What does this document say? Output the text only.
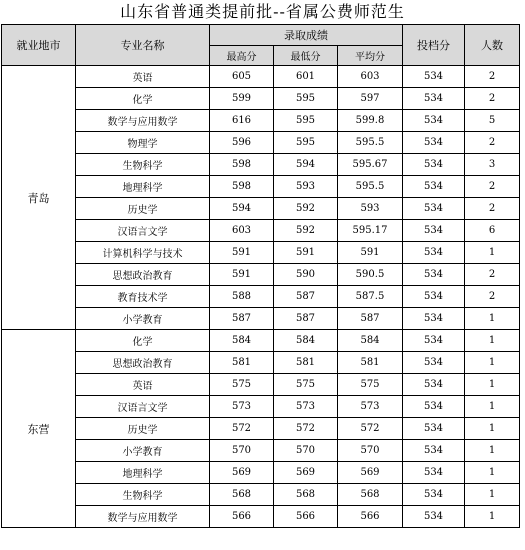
山东省普通类提前批--省属公费师范生
就业地市	专业名称	录取成绩			投档分	人数
		最高分	最低分	平均分		
青岛	英语	605	601	603	534	2
	化学	599	595	597	534	2
	数学与应用数学	616	595	599.8	534	5
	物理学	596	595	595.5	534	2
	生物科学	598	594	595.67	534	3
	地理科学	598	593	595.5	534	2
	历史学	594	592	593	534	2
	汉语言文学	603	592	595.17	534	6
	计算机科学与技术	591	591	591	534	1
	思想政治教育	591	590	590.5	534	2
	教育技术学	588	587	587.5	534	2
	小学教育	587	587	587	534	1
东营	化学	584	584	584	534	1
	思想政治教育	581	581	581	534	1
	英语	575	575	575	534	1
	汉语言文学	573	573	573	534	1
	历史学	572	572	572	534	1
	小学教育	570	570	570	534	1
	地理科学	569	569	569	534	1
	生物科学	568	568	568	534	1
	数学与应用数学	566	566	566	534	1
